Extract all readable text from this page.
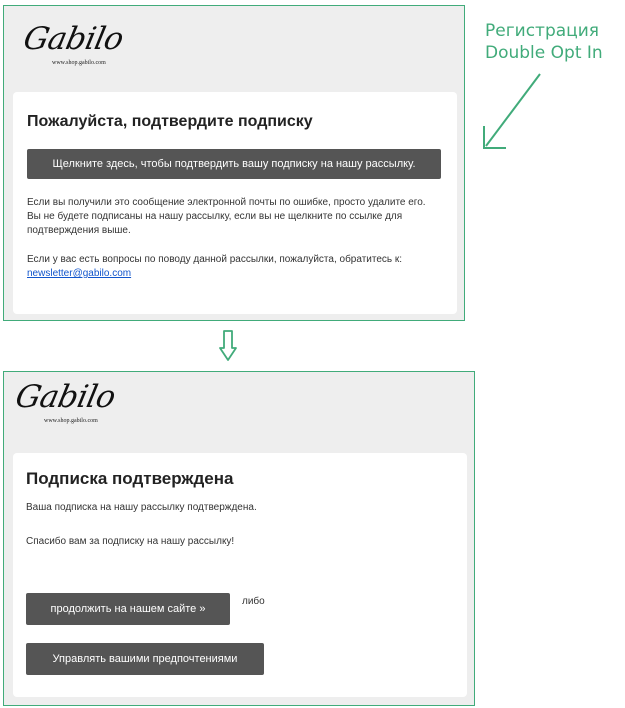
Регистрация
Double Opt In
Gabilo
www.shop.gabilo.com
Пожалуйста, подтвердите подписку
Щелкните здесь, чтобы подтвердить вашу подписку на нашу рассылку.
Если вы получили это сообщение электронной почты по ошибке, просто удалите его.
Вы не будете подписаны на нашу рассылку, если вы не щелкните по ссылке для
подтверждения выше.
Если у вас есть вопросы по поводу данной рассылки, пожалуйста, обратитесь к:
newsletter@gabilo.com
Gabilo
www.shop.gabilo.com
Подписка подтверждена
Ваша подписка на нашу рассылку подтверждена.
Спасибо вам за подписку на нашу рассылку!
продолжить на нашем сайте »
либо
Управлять вашими предпочтениями
